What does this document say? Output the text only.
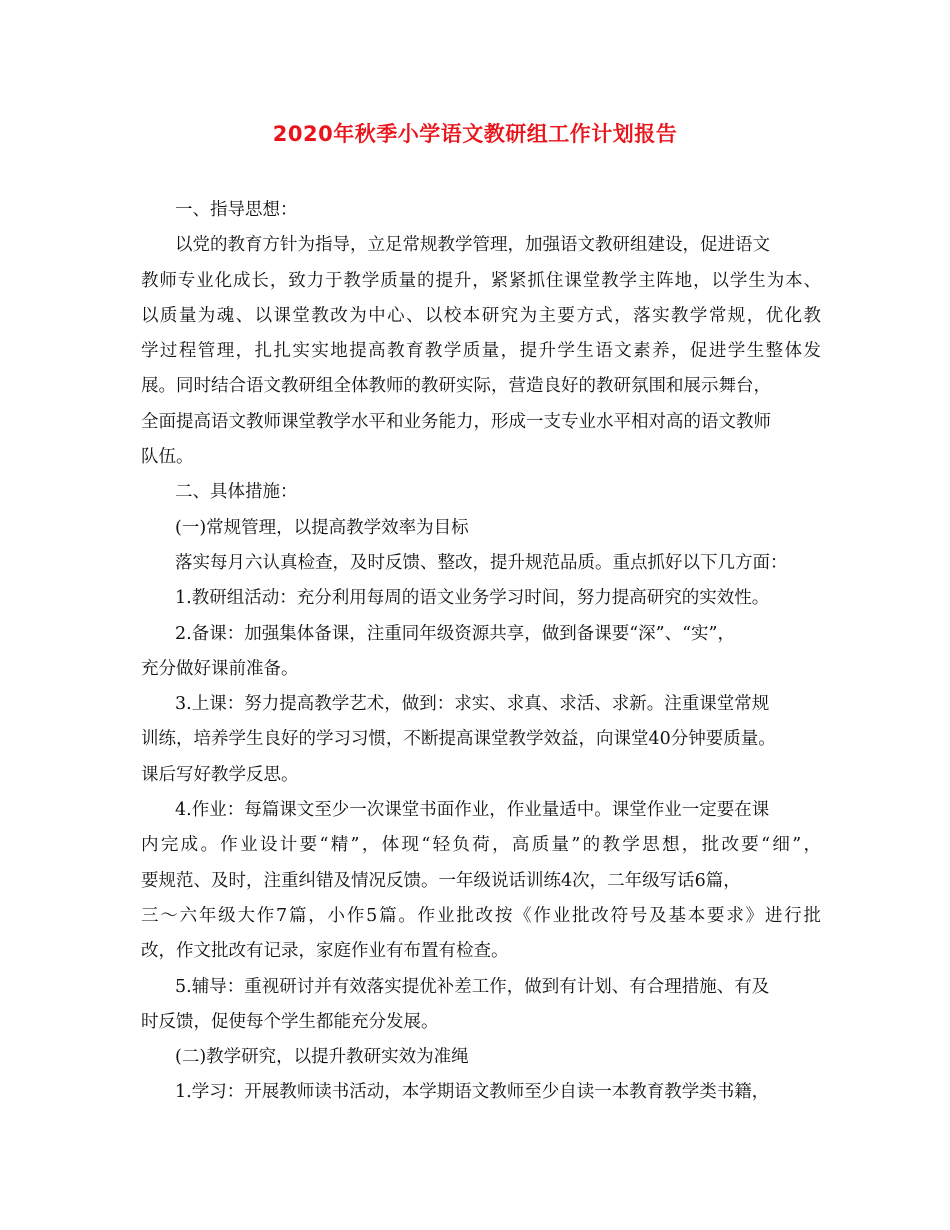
2020年秋季小学语文教研组工作计划报告
一、指导思想：
以党的教育方针为指导，立足常规教学管理，加强语文教研组建设，促进语文
教师专业化成长，致力于教学质量的提升，紧紧抓住课堂教学主阵地，以学生为本、
以质量为魂、以课堂教改为中心、以校本研究为主要方式，落实教学常规，优化教
学过程管理，扎扎实实地提高教育教学质量，提升学生语文素养，促进学生整体发
展。同时结合语文教研组全体教师的教研实际，营造良好的教研氛围和展示舞台，
全面提高语文教师课堂教学水平和业务能力，形成一支专业水平相对高的语文教师
队伍。
二、具体措施：
(一)常规管理，以提高教学效率为目标
落实每月六认真检查，及时反馈、整改，提升规范品质。重点抓好以下几方面：
1.教研组活动：充分利用每周的语文业务学习时间，努力提高研究的实效性。
2.备课：加强集体备课，注重同年级资源共享，做到备课要“深”、“实”，
充分做好课前准备。
3.上课：努力提高教学艺术，做到：求实、求真、求活、求新。注重课堂常规
训练，培养学生良好的学习习惯，不断提高课堂教学效益，向课堂40分钟要质量。
课后写好教学反思。
4.作业：每篇课文至少一次课堂书面作业，作业量适中。课堂作业一定要在课
内完成。作业设计要“精”，体现“轻负荷，高质量”的教学思想，批改要“细”，
要规范、及时，注重纠错及情况反馈。一年级说话训练4次，二年级写话6篇，
三～六年级大作7篇，小作5篇。作业批改按《作业批改符号及基本要求》进行批
改，作文批改有记录，家庭作业有布置有检查。
5.辅导：重视研讨并有效落实提优补差工作，做到有计划、有合理措施、有及
时反馈，促使每个学生都能充分发展。
(二)教学研究，以提升教研实效为准绳
1.学习：开展教师读书活动，本学期语文教师至少自读一本教育教学类书籍，
